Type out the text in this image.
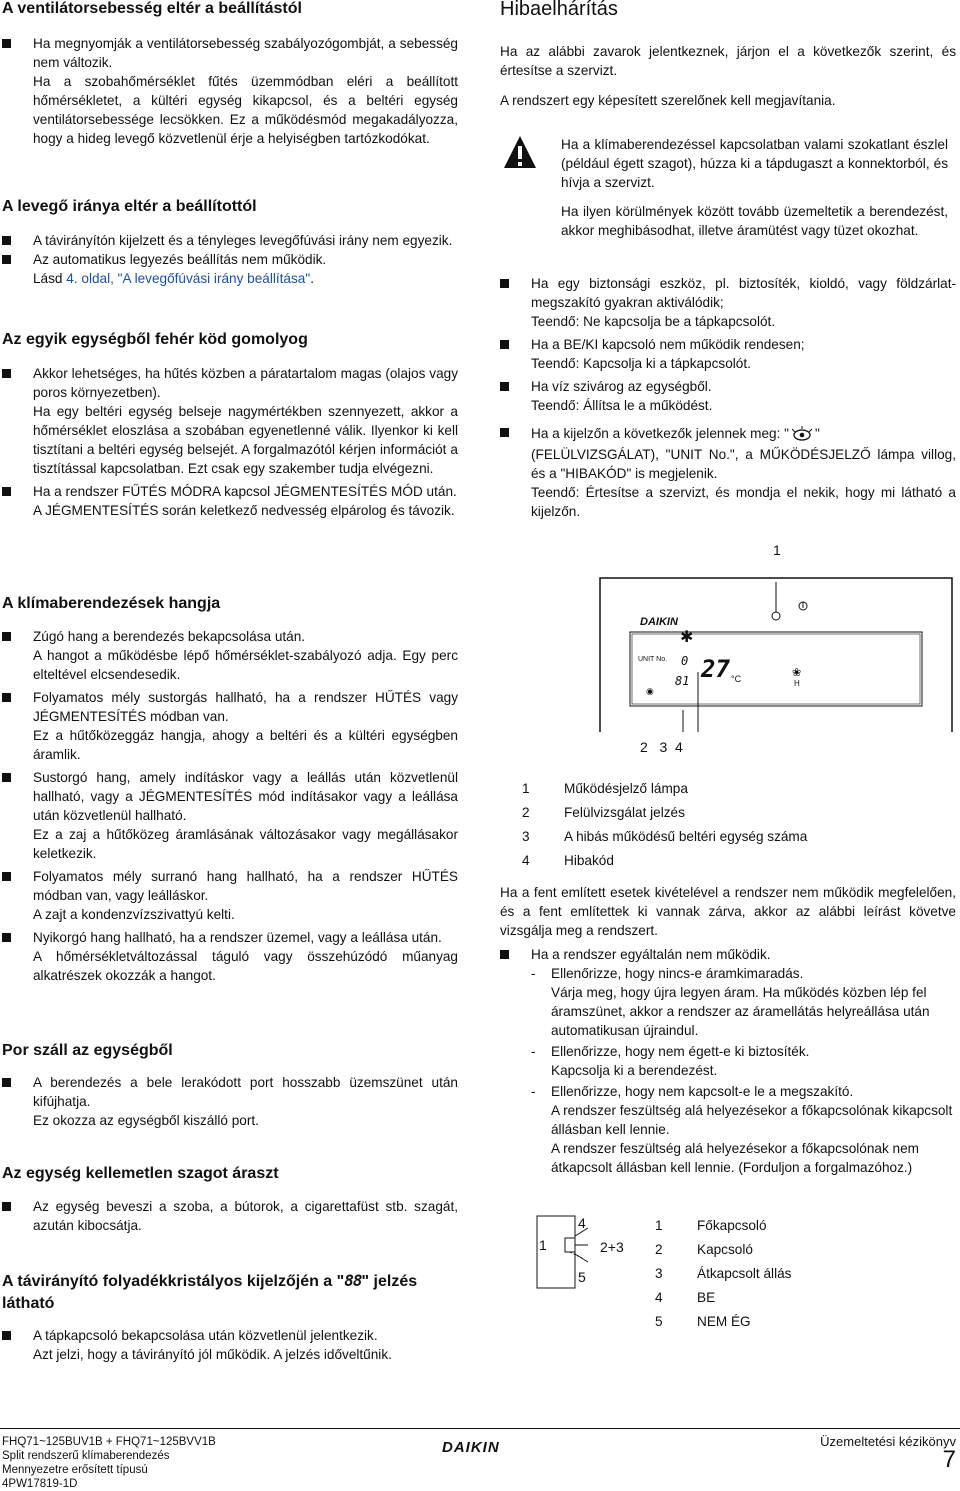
A ventilátorsebesség eltér a beállítástól

Ha megnyomják a ventilátorsebesség szabályozógombját, a sebesség nem változik.

Ha a szobahőmérséklet fűtés üzemmódban eléri a beállított hőmérsékletet, a kültéri egység kikapcsol, és a beltéri egység ventilátorsebessége lecsökken. Ez a működésmód megakadályozza, hogy a hideg levegő közvetlenül érje a helyiségben tartózkodókat.

A levegő iránya eltér a beállítottól

A távirányítón kijelzett és a tényleges levegőfúvási irány nem egyezik.

Az automatikus legyezés beállítás nem működik.

Lásd 4. oldal, "A levegőfúvási irány beállítása".

Az egyik egységből fehér köd gomolyog

Akkor lehetséges, ha hűtés közben a páratartalom magas (olajos vagy poros környezetben).

Ha egy beltéri egység belseje nagymértékben szennyezett, akkor a hőmérséklet eloszlása a szobában egyenetlenné válik. Ilyenkor ki kell tisztítani a beltéri egység belsejét. A forgalmazótól kérjen információt a tisztítással kapcsolatban. Ezt csak egy szakember tudja elvégezni.

Ha a rendszer FŰTÉS MÓDRA kapcsol JÉGMENTESÍTÉS MÓD után.

A JÉGMENTESÍTÉS során keletkező nedvesség elpárolog és távozik.

A klímaberendezések hangja

Zúgó hang a berendezés bekapcsolása után.

A hangot a működésbe lépő hőmérséklet-szabályozó adja. Egy perc elteltével elcsendesedik.

Folyamatos mély sustorgás hallható, ha a rendszer HŰTÉS vagy JÉGMENTESÍTÉS módban van.

Ez a hűtőközeggáz hangja, ahogy a beltéri és a kültéri egységben áramlik.

Sustorgó hang, amely indításkor vagy a leállás után közvetlenül hallható, vagy a JÉGMENTESÍTÉS mód indításakor vagy a leállása után közvetlenül hallható.

Ez a zaj a hűtőközeg áramlásának változásakor vagy megállásakor keletkezik.

Folyamatos mély surranó hang hallható, ha a rendszer HŰTÉS módban van, vagy leálláskor.

A zajt a kondenzvízszivattyú kelti.

Nyikorgó hang hallható, ha a rendszer üzemel, vagy a leállása után.

A hőmérsékletváltozással táguló vagy összehúzódó műanyag alkatrészek okozzák a hangot.

Por száll az egységből

A berendezés a bele lerakódott port hosszabb üzemszünet után kifújhatja.

Ez okozza az egységből kiszálló port.

Az egység kellemetlen szagot áraszt

Az egység beveszi a szoba, a bútorok, a cigarettafüst stb. szagát, azután kibocsátja.

A távirányító folyadékkristályos kijelzőjén a "88" jelzés
látható

A tápkapcsoló bekapcsolása után közvetlenül jelentkezik.

Azt jelzi, hogy a távirányító jól működik. A jelzés időveltűnik.

Hibaelhárítás

Ha az alábbi zavarok jelentkeznek, járjon el a következők szerint, és értesítse a szervizt.

A rendszert egy képesített szerelőnek kell megjavítania.

Ha a klímaberendezéssel kapcsolatban valami szokatlant észlel (például égett szagot), húzza ki a tápdugaszt a konnektorból, és hívja a szervizt.

Ha ilyen körülmények között tovább üzemeltetik a berendezést, akkor meghibásodhat, illetve áramütést vagy tüzet okozhat.

Ha egy biztonsági eszköz, pl. biztosíték, kioldó, vagy földzárlat-megszakító gyakran aktiválódik;

Teendő: Ne kapcsolja be a tápkapcsolót.

Ha a BE/KI kapcsoló nem működik rendesen;

Teendő: Kapcsolja ki a tápkapcsolót.

Ha víz szivárog az egységből.

Teendő: Állítsa le a működést.

Ha a kijelzőn a következők jelennek meg: " "

(FELÜLVIZSGÁLAT), "UNIT No.", a MŰKÖDÉSJELZŐ lámpa villog, és a "HIBAKÓD" is megjelenik.

Teendő: Értesítse a szervizt, és mondja el nekik, hogy mi látható a kijelzőn.

1
DAIKIN
✱
UNIT No. 0
81 27 °C	❀
H
◉
2   3  4
1	Működésjelző lámpa
2	Felülvizsgálat jelzés
3	A hibás működésű beltéri egység száma
4	Hibakód

Ha a fent említett esetek kivételével a rendszer nem működik megfelelően, és a fent említettek ki vannak zárva, akkor az alábbi leírást követve vizsgálja meg a rendszert.

Ha a rendszer egyáltalán nem működik.

- Ellenőrizze, hogy nincs-e áramkimaradás.

Várja meg, hogy újra legyen áram. Ha működés közben lép fel áramszünet, akkor a rendszer az áramellátás helyreállása után automatikusan újraindul.

- Ellenőrizze, hogy nem égett-e ki biztosíték.

Kapcsolja ki a berendezést.

- Ellenőrizze, hogy nem kapcsolt-e le a megszakító.

A rendszer feszültség alá helyezésekor a főkapcsolónak kikapcsolt állásban kell lennie.

A rendszer feszültség alá helyezésekor a főkapcsolónak nem átkapcsolt állásban kell lennie. (Forduljon a forgalmazóhoz.)

1
4
5
2+3
1	Főkapcsoló
2	Kapcsoló
3	Átkapcsolt állás
4	BE
5	NEM ÉG
FHQ71~125BUV1B + FHQ71~125BVV1B
Split rendszerű klímaberendezés
Mennyezetre erősített típusú
4PW17819-1D
DAIKIN	Üzemeltetési kézikönyv
7
